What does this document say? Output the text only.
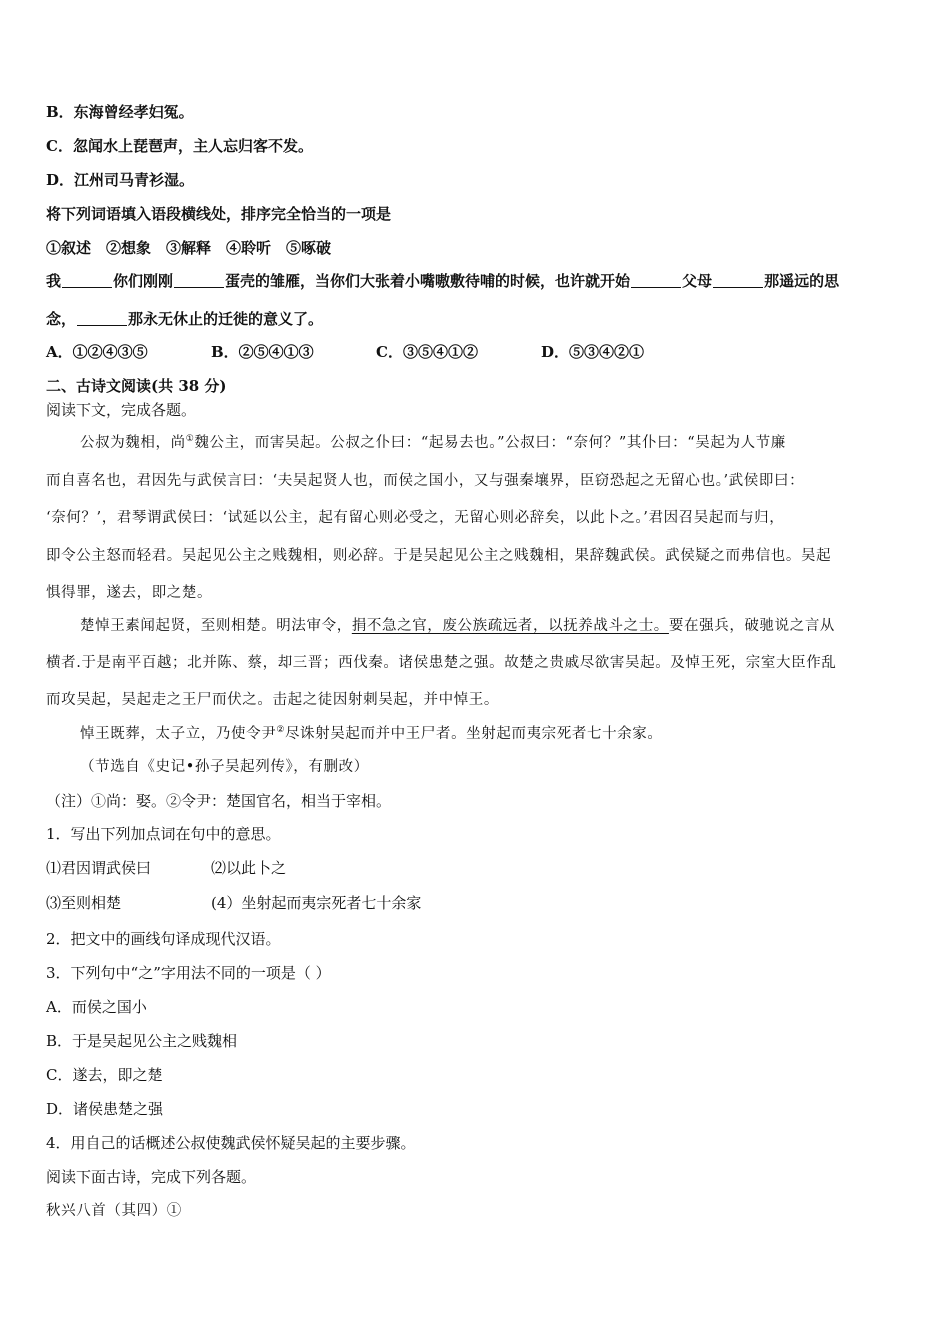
B．东海曾经孝妇冤。
C．忽闻水上琵琶声，主人忘归客不发。
D．江州司马青衫湿。
将下列词语填入语段横线处，排序完全恰当的一项是
①叙述　②想象　③解释　④聆听　⑤啄破
我	你们刚刚	蛋壳的雏雁，当你们大张着小嘴嗷敷待哺的时候，也许就开始	父母	那遥远的思
念，	那永无休止的迁徙的意义了。
A．①②④③⑤	B．②⑤④①③	C．③⑤④①②	D．⑤③④②①
二、古诗文阅读(共 38 分)
阅读下文，完成各题。
公叔为魏相，尚①魏公主，而害吴起。公叔之仆曰：“起易去也。”公叔曰：“奈何？”其仆曰：“吴起为人节廉
而自喜名也，君因先与武侯言曰：‘夫吴起贤人也，而侯之国小，又与强秦壤界，臣窃恐起之无留心也。’武侯即曰：
‘奈何？’，君琴谓武侯曰：‘试延以公主，起有留心则必受之，无留心则必辞矣，以此卜之。’君因召吴起而与归，
即令公主怒而轻君。吴起见公主之贱魏相，则必辞。于是吴起见公主之贱魏相，果辞魏武侯。武侯疑之而弗信也。吴起
惧得罪，遂去，即之楚。
楚悼王素闻起贤，至则相楚。明法审令，捐不急之官，废公族疏远者，以抚养战斗之士。要在强兵，破驰说之言从
横者.于是南平百越；北并陈、蔡，却三晋；西伐秦。诸侯患楚之强。故楚之贵戚尽欲害吴起。及悼王死，宗室大臣作乱
而攻吴起，吴起走之王尸而伏之。击起之徒因射刺吴起，并中悼王。
悼王既葬，太子立，乃使令尹②尽诛射吴起而并中王尸者。坐射起而夷宗死者七十余家。
（节选自《史记•孙子吴起列传》，有删改）
（注）①尚：娶。②令尹：楚国官名，相当于宰相。
1．写出下列加点词在句中的意思。
⑴君因谓武侯曰	⑵以此卜之
⑶至则相楚	(4）坐射起而夷宗死者七十余家
2．把文中的画线句译成现代汉语。
3．下列句中“之”字用法不同的一项是（ ）
A．而侯之国小
B．于是吴起见公主之贱魏相
C．遂去，即之楚
D．诸侯患楚之强
4．用自己的话概述公叔使魏武侯怀疑吴起的主要步骤。
阅读下面古诗，完成下列各题。
秋兴八首（其四）①
